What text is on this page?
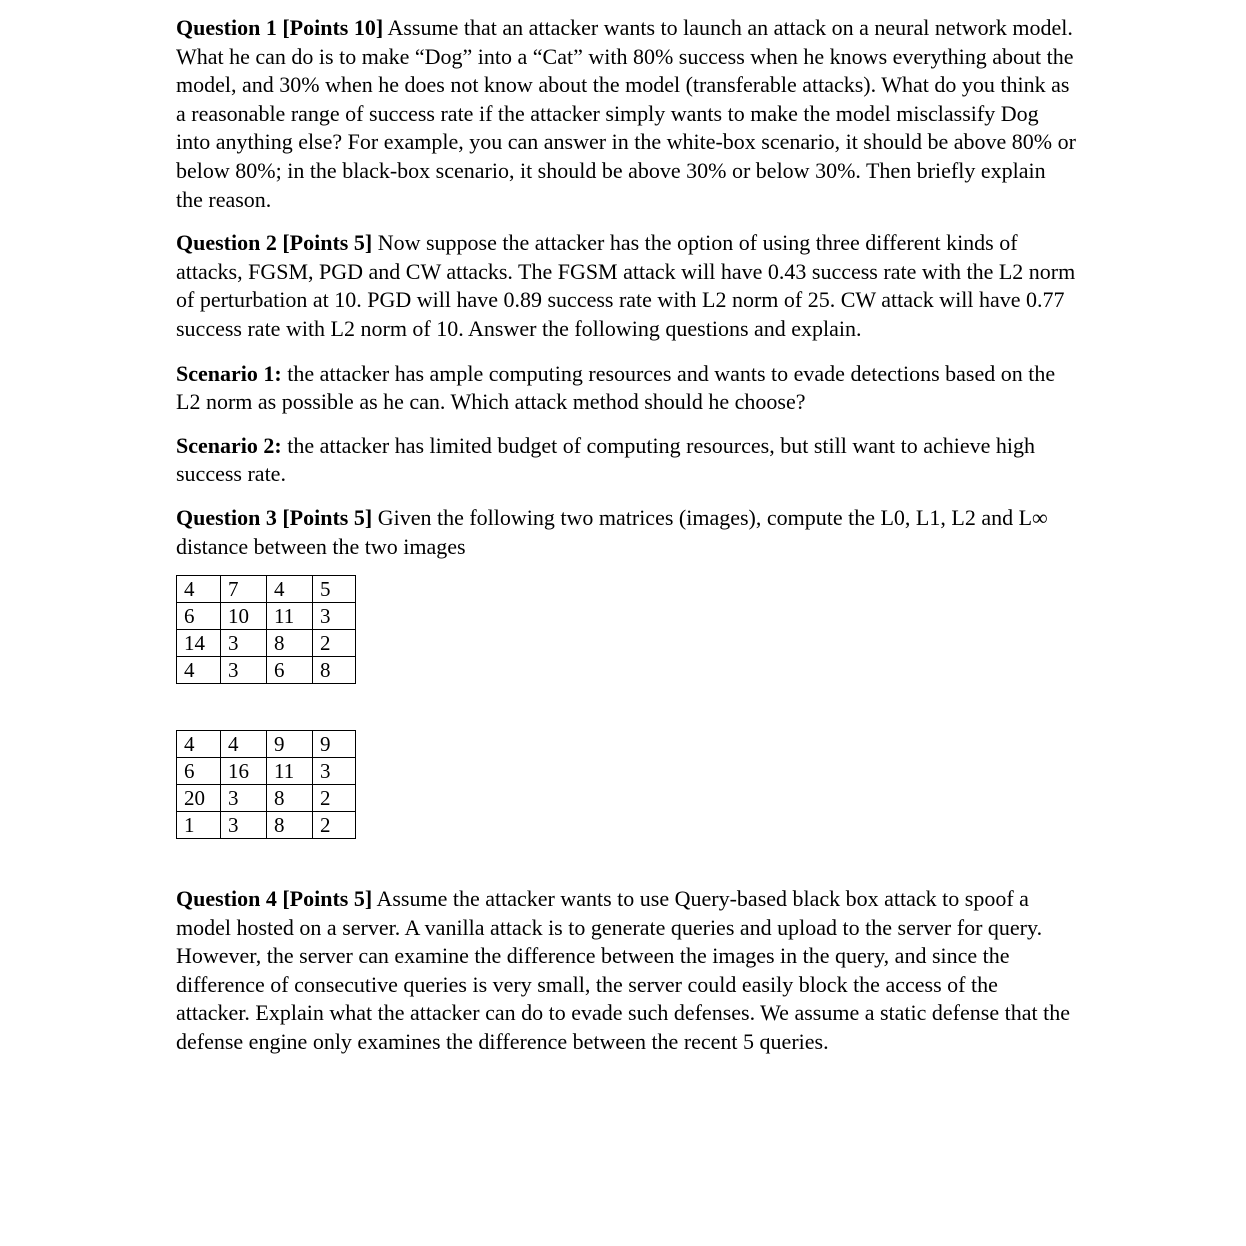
Question 1 [Points 10] Assume that an attacker wants to launch an attack on a neural network model. What he can do is to make “Dog” into a “Cat” with 80% success when he knows everything about the model, and 30% when he does not know about the model (transferable attacks). What do you think as a reasonable range of success rate if the attacker simply wants to make the model misclassify Dog into anything else? For example, you can answer in the white-box scenario, it should be above 80% or below 80%; in the black-box scenario, it should be above 30% or below 30%. Then briefly explain the reason.

Question 2 [Points 5] Now suppose the attacker has the option of using three different kinds of attacks, FGSM, PGD and CW attacks. The FGSM attack will have 0.43 success rate with the L2 norm of perturbation at 10. PGD will have 0.89 success rate with L2 norm of 25. CW attack will have 0.77 success rate with L2 norm of 10. Answer the following questions and explain.

Scenario 1: the attacker has ample computing resources and wants to evade detections based on the L2 norm as possible as he can. Which attack method should he choose?

Scenario 2: the attacker has limited budget of computing resources, but still want to achieve high success rate.

Question 3 [Points 5] Given the following two matrices (images), compute the L0, L1, L2 and L∞ distance between the two images

4	7	4	5
6	10	11	3
14	3	8	2
4	3	6	8
4	4	9	9
6	16	11	3
20	3	8	2
1	3	8	2

Question 4 [Points 5] Assume the attacker wants to use Query-based black box attack to spoof a model hosted on a server. A vanilla attack is to generate queries and upload to the server for query. However, the server can examine the difference between the images in the query, and since the difference of consecutive queries is very small, the server could easily block the access of the attacker. Explain what the attacker can do to evade such defenses. We assume a static defense that the defense engine only examines the difference between the recent 5 queries.
